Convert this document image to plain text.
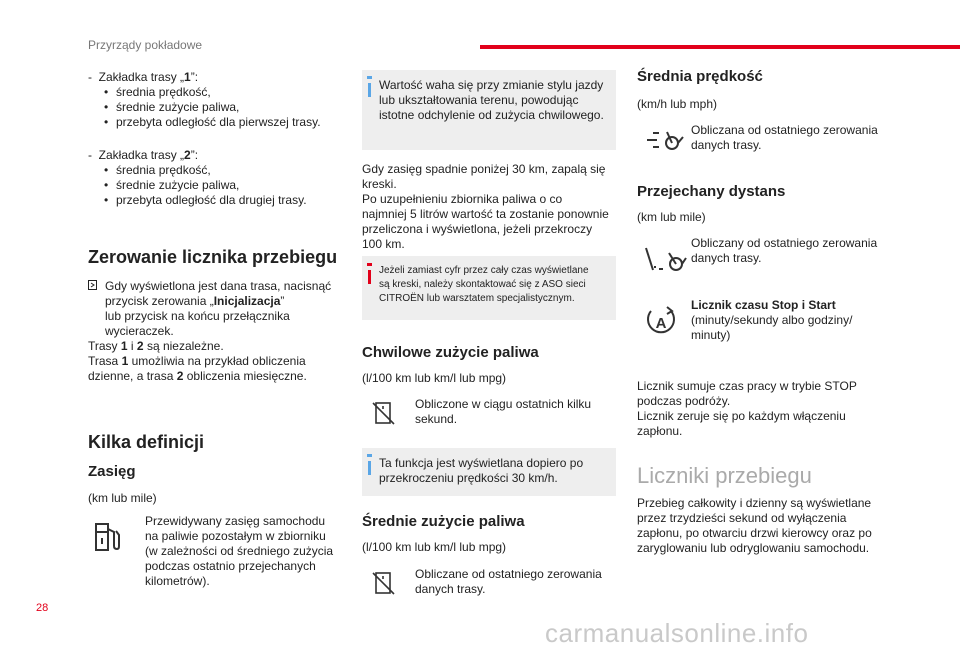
Przyrządy pokładowe
- Zakładka trasy „1”:
• średnia prędkość,
• średnie zużycie paliwa,
• przebyta odległość dla pierwszej trasy.
- Zakładka trasy „2”:
• średnia prędkość,
• średnie zużycie paliwa,
• przebyta odległość dla drugiej trasy.
Zerowanie licznika przebiegu
Gdy wyświetlona jest dana trasa, nacisnąć
przycisk zerowania „Inicjalizacja”
lub przycisk na końcu przełącznika
wycieraczek.
Trasy 1 i 2 są niezależne.
Trasa 1 umożliwia na przykład obliczenia
dzienne, a trasa 2 obliczenia miesięczne.
Kilka definicji
Zasięg
(km lub mile)
Przewidywany zasięg samochodu
na paliwie pozostałym w zbiorniku
(w zależności od średniego zużycia
podczas ostatnio przejechanych
kilometrów).
Wartość waha się przy zmianie stylu jazdy
lub ukształtowania terenu, powodując
istotne odchylenie od zużycia chwilowego.
Gdy zasięg spadnie poniżej 30 km, zapalą się
kreski.
Po uzupełnieniu zbiornika paliwa o co
najmniej 5 litrów wartość ta zostanie ponownie
przeliczona i wyświetlona, jeżeli przekroczy
100 km.
Jeżeli zamiast cyfr przez cały czas wyświetlane
są kreski, należy skontaktować się z ASO sieci
CITROËN lub warsztatem specjalistycznym.
Chwilowe zużycie paliwa
(l/100 km lub km/l lub mpg)
Obliczone w ciągu ostatnich kilku
sekund.
Ta funkcja jest wyświetlana dopiero po
przekroczeniu prędkości 30 km/h.
Średnie zużycie paliwa
(l/100 km lub km/l lub mpg)
Obliczane od ostatniego zerowania
danych trasy.
Średnia prędkość
(km/h lub mph)
Obliczana od ostatniego zerowania
danych trasy.
Przejechany dystans
(km lub mile)
Obliczany od ostatniego zerowania
danych trasy.
A
Licznik czasu Stop i Start
(minuty/sekundy albo godziny/
minuty)
Licznik sumuje czas pracy w trybie STOP
podczas podróży.
Licznik zeruje się po każdym włączeniu
zapłonu.
Liczniki przebiegu
Przebieg całkowity i dzienny są wyświetlane
przez trzydzieści sekund od wyłączenia
zapłonu, po otwarciu drzwi kierowcy oraz po
zaryglowaniu lub odryglowaniu samochodu.
28
carmanualsonline.info
